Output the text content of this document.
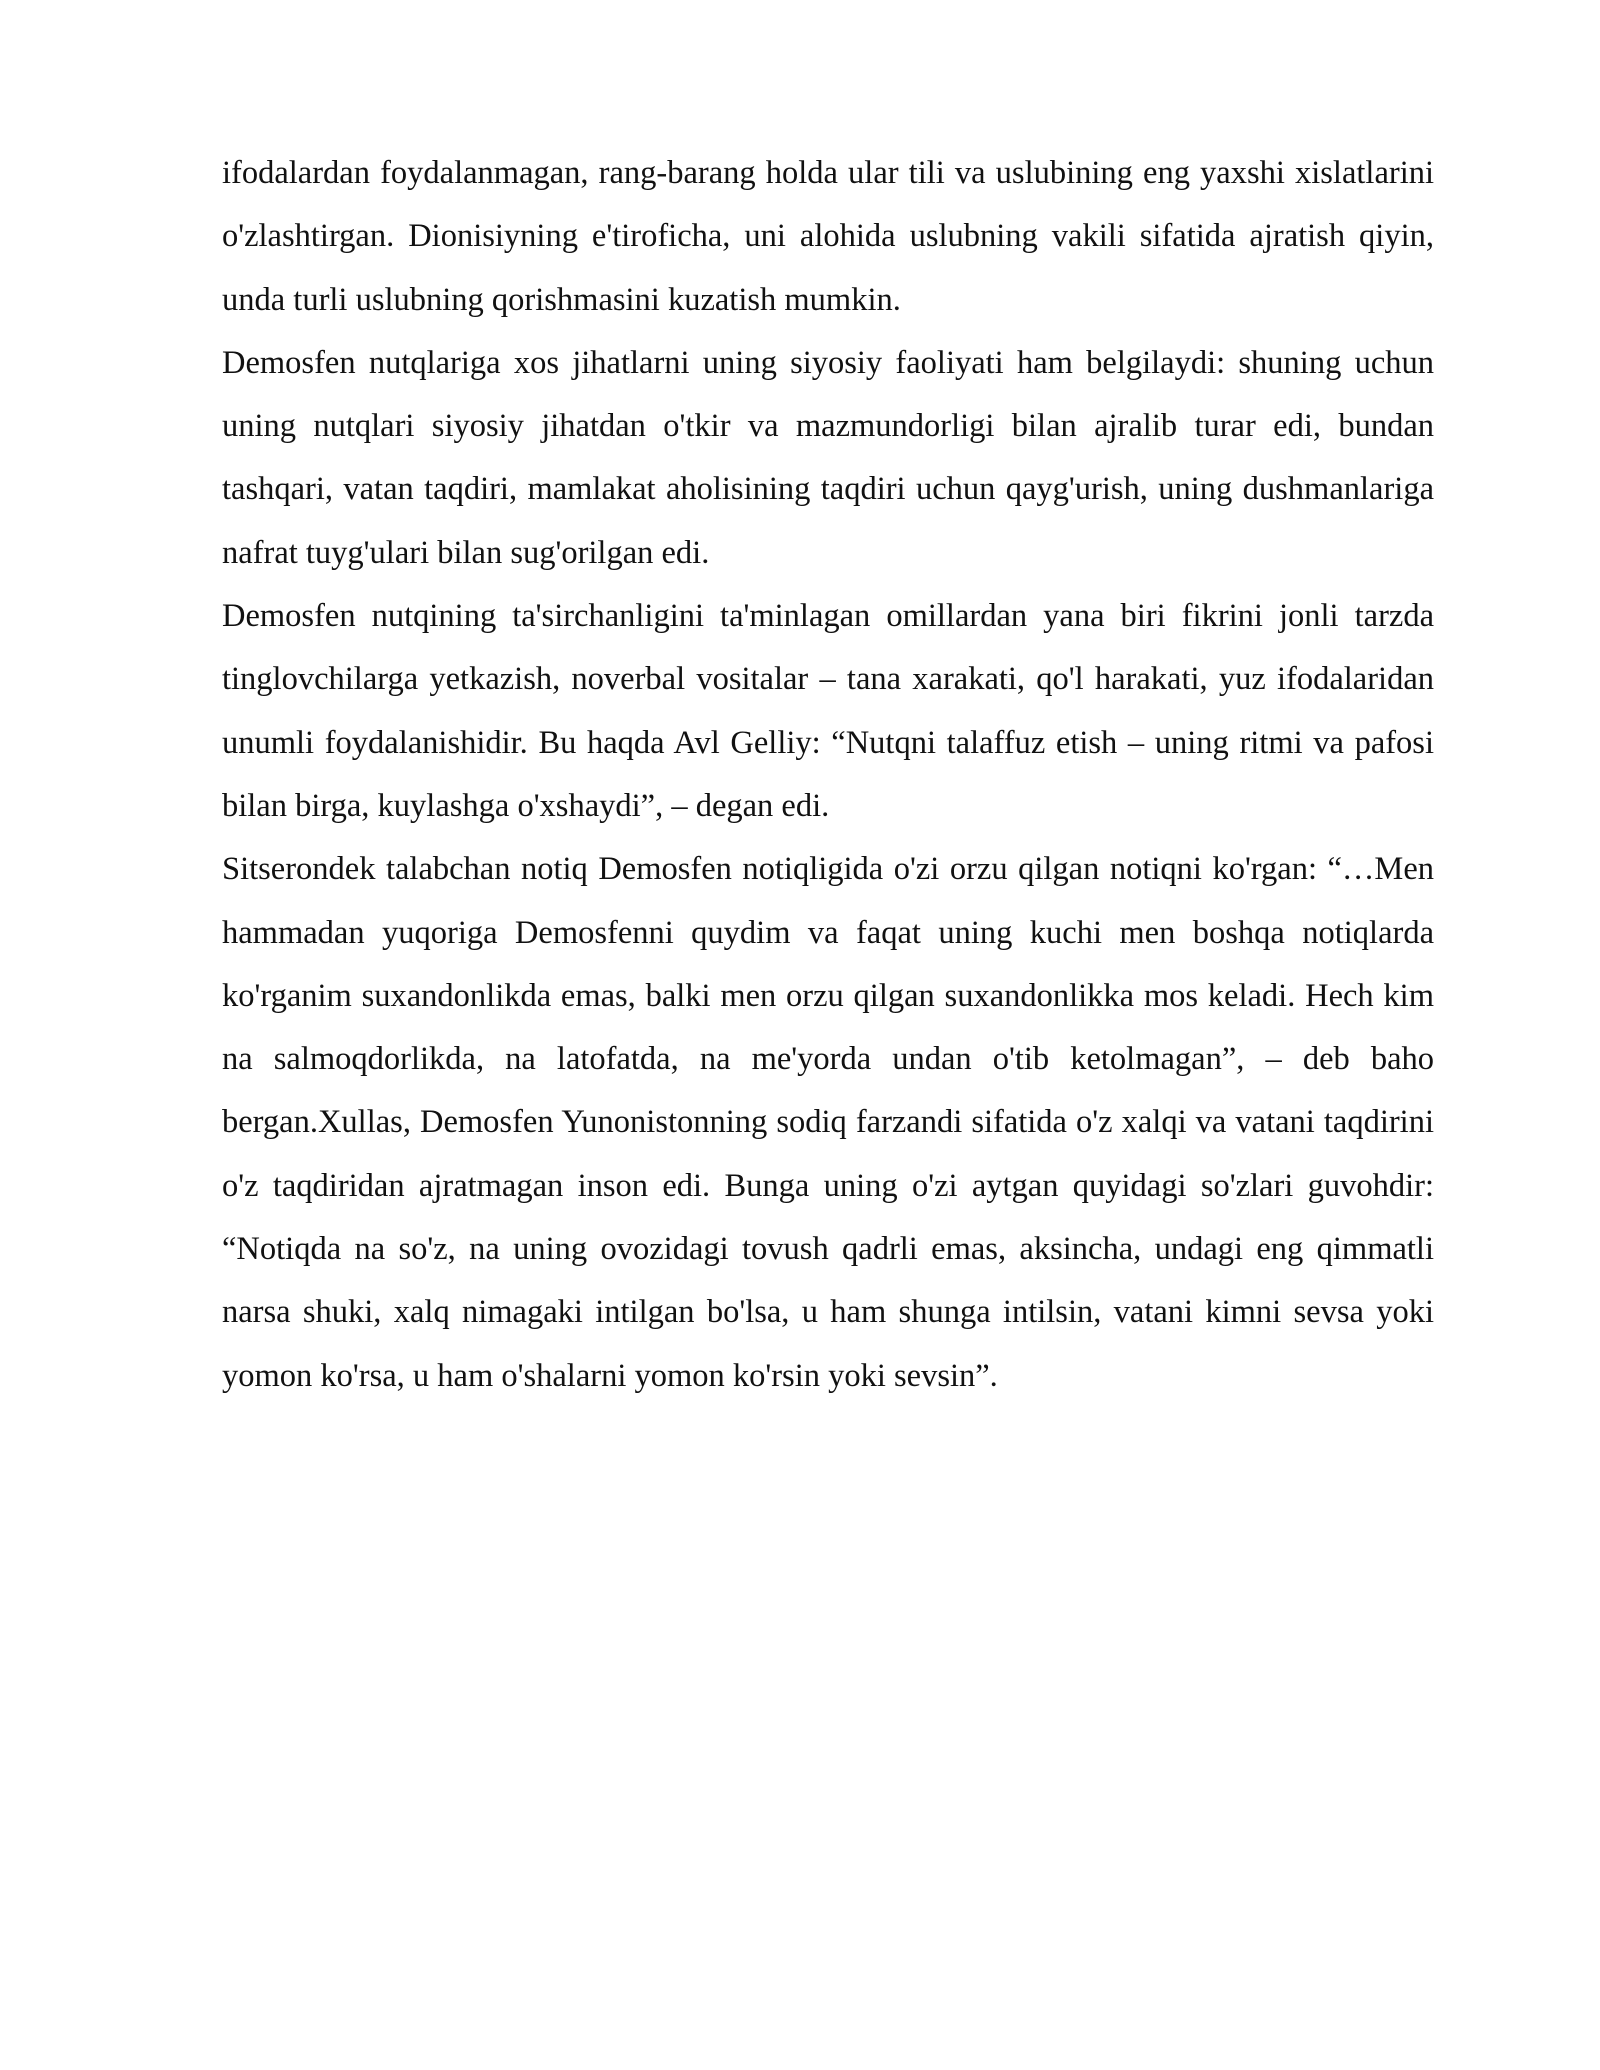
ifodalardan foydalanmagan, rang-barang holda ular tili va uslubining eng yaxshi xislatlarini o'zlashtirgan. Dionisiyning e'tiroficha, uni alohida uslubning vakili sifatida ajratish qiyin, unda turli uslubning qorishmasini kuzatish mumkin.

Demosfen nutqlariga xos jihatlarni uning siyosiy faoliyati ham belgilaydi: shuning uchun uning nutqlari siyosiy jihatdan o'tkir va mazmundorligi bilan ajralib turar edi, bundan tashqari, vatan taqdiri, mamlakat aholisining taqdiri uchun qayg'urish, uning dushmanlariga nafrat tuyg'ulari bilan sug'orilgan edi.

Demosfen nutqining ta'sirchanligini ta'minlagan omillardan yana biri fikrini jonli tarzda tinglovchilarga yetkazish, noverbal vositalar – tana xarakati, qo'l harakati, yuz ifodalaridan unumli foydalanishidir. Bu haqda Avl Gelliy: “Nutqni talaffuz etish – uning ritmi va pafosi bilan birga, kuylashga o'xshaydi”, – degan edi.

Sitserondek talabchan notiq Demosfen notiqligida o'zi orzu qilgan notiqni ko'rgan: “…Men hammadan yuqoriga Demosfenni quydim va faqat uning kuchi men boshqa notiqlarda ko'rganim suxandonlikda emas, balki men orzu qilgan suxandonlikka mos keladi. Hech kim na salmoqdorlikda, na latofatda, na me'yorda undan o'tib ketolmagan”, – deb baho bergan.Xullas, Demosfen Yunonistonning sodiq farzandi sifatida o'z xalqi va vatani taqdirini o'z taqdiridan ajratmagan inson edi. Bunga uning o'zi aytgan quyidagi so'zlari guvohdir: “Notiqda na so'z, na uning ovozidagi tovush qadrli emas, aksincha, undagi eng qimmatli narsa shuki, xalq nimagaki intilgan bo'lsa, u ham shunga intilsin, vatani kimni sevsa yoki yomon ko'rsa, u ham o'shalarni yomon ko'rsin yoki sevsin”.
